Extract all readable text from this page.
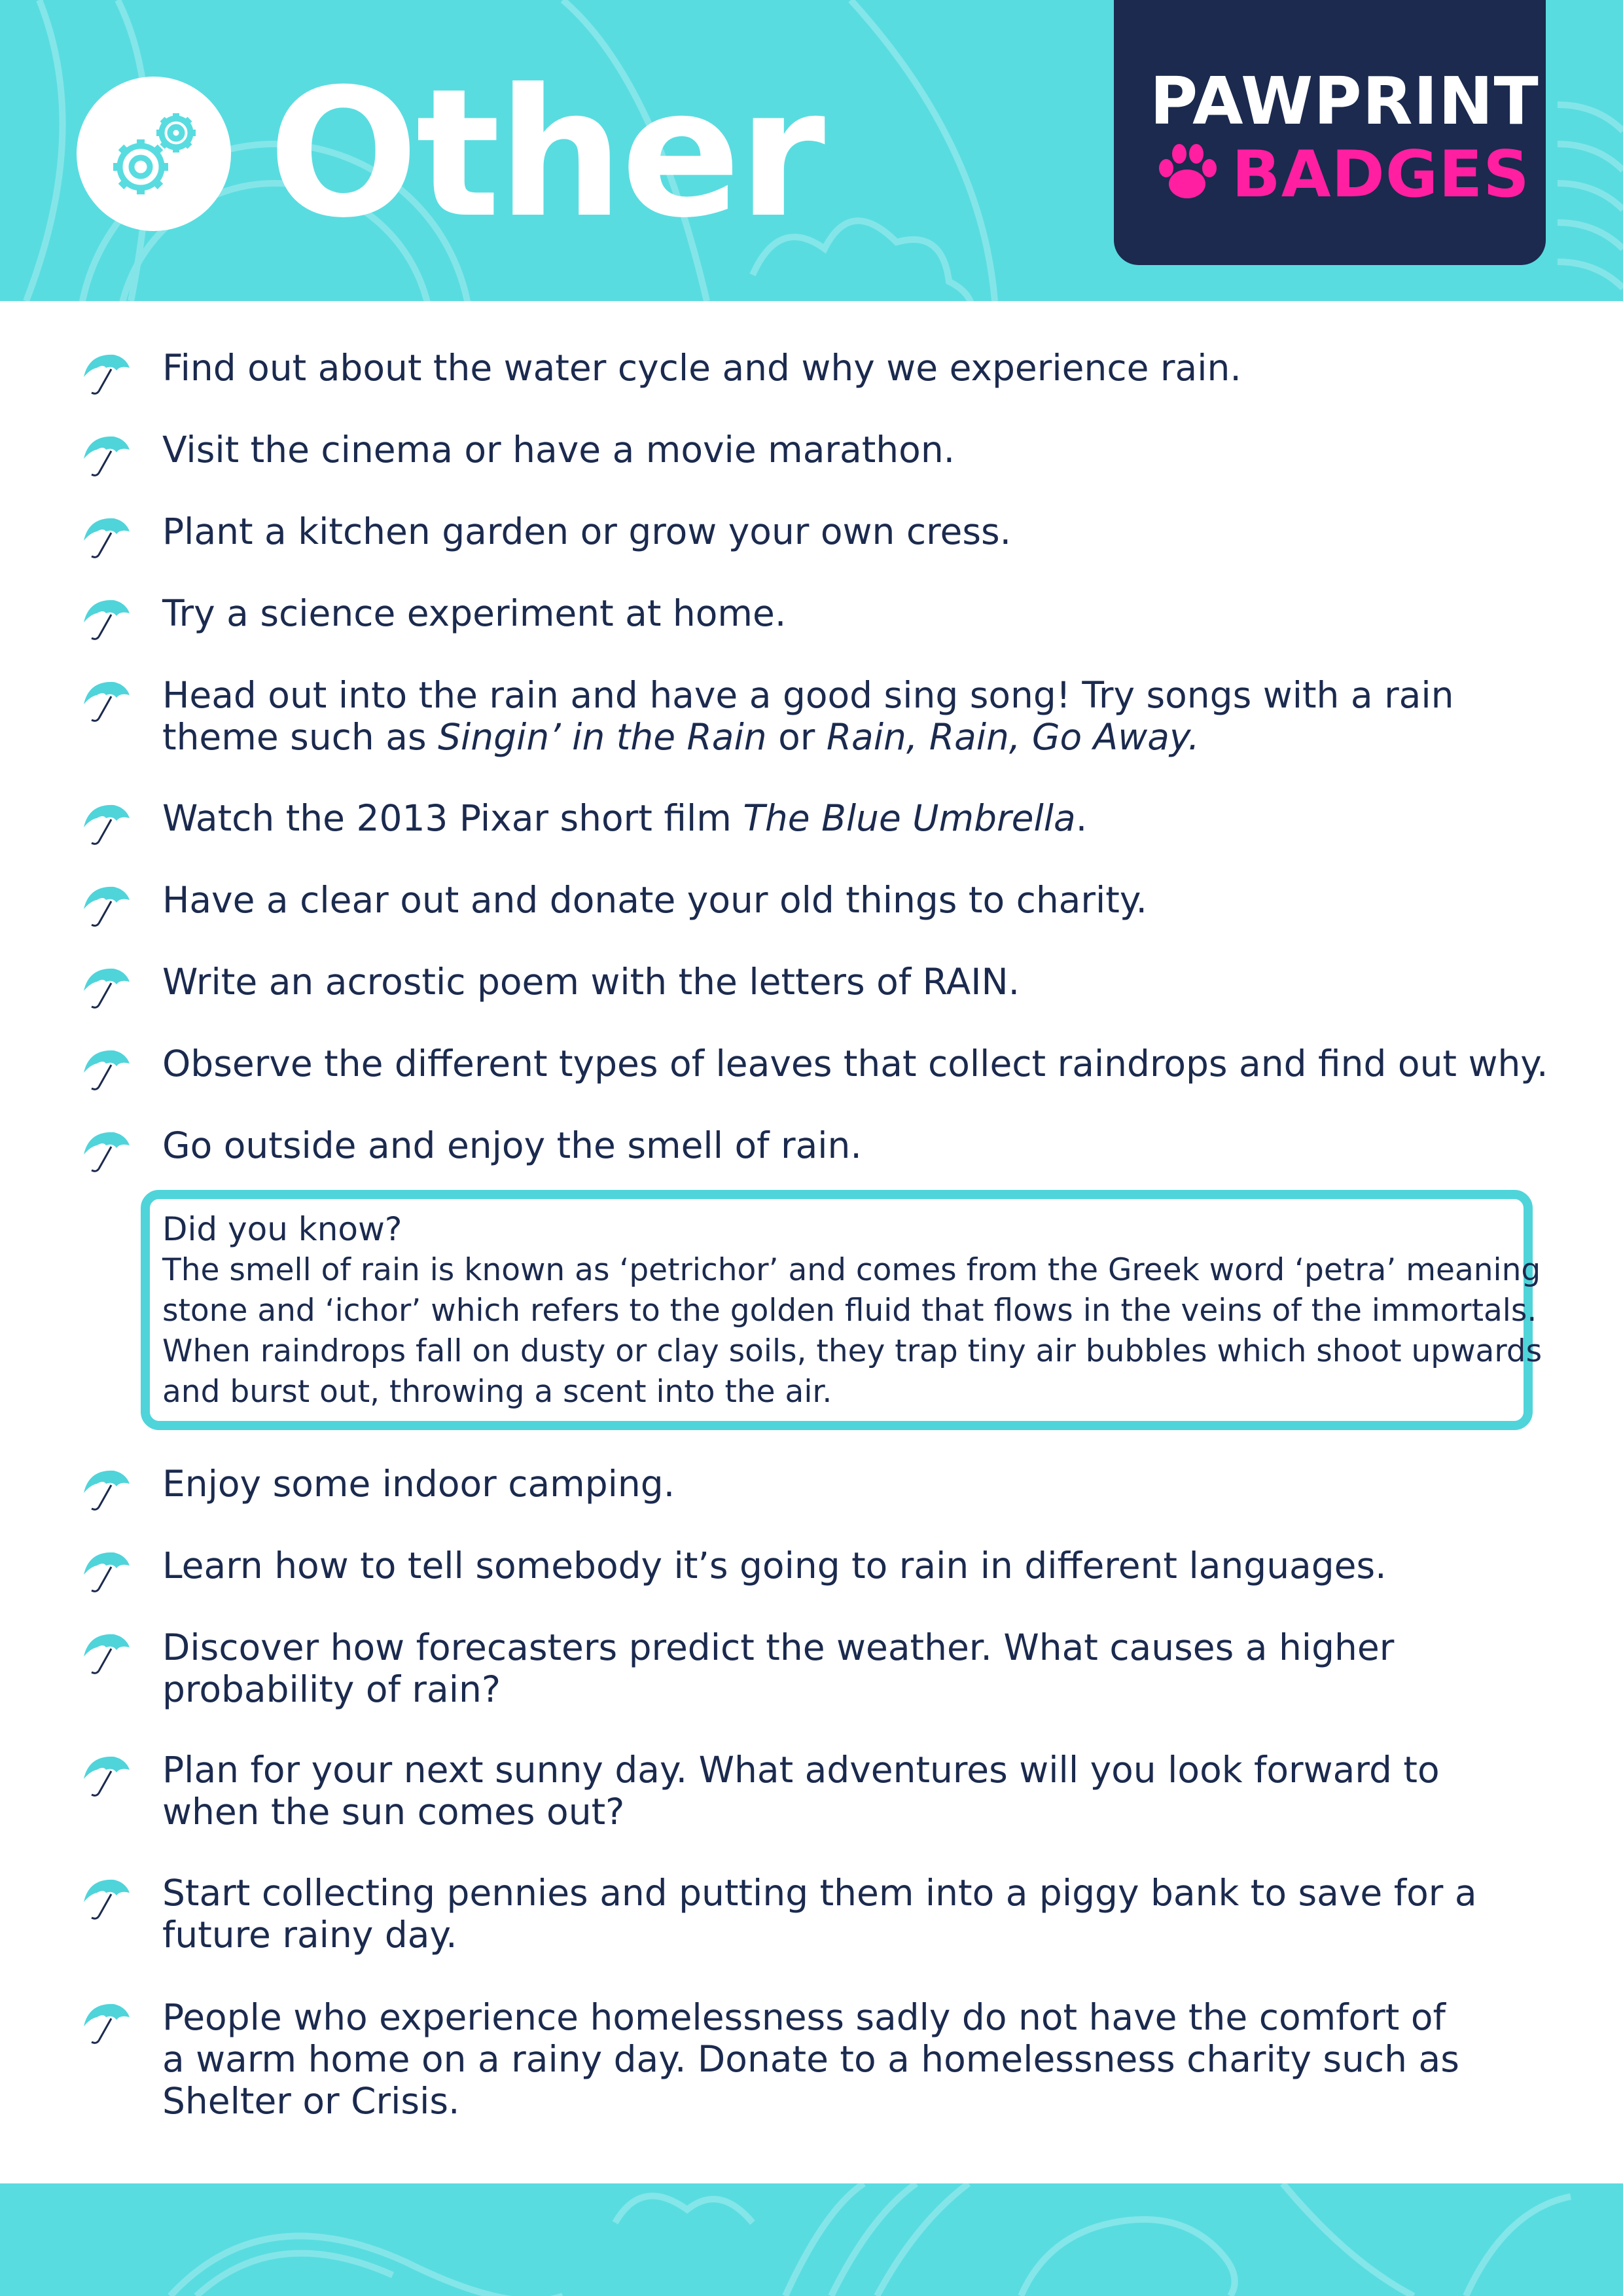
Other	PAWPRINT
BADGES
Find out about the water cycle and why we experience rain.
Visit the cinema or have a movie marathon.
Plant a kitchen garden or grow your own cress.
Try a science experiment at home.
Head out into the rain and have a good sing song! Try songs with a rain
theme such as Singin’ in the Rain or Rain, Rain, Go Away.
Watch the 2013 Pixar short film The Blue Umbrella.
Have a clear out and donate your old things to charity.
Write an acrostic poem with the letters of RAIN.
Observe the different types of leaves that collect raindrops and find out why.
Go outside and enjoy the smell of rain.
Did you know?
The smell of rain is known as ‘petrichor’ and comes from the Greek word ‘petra’ meaning
stone and ‘ichor’ which refers to the golden fluid that flows in the veins of the immortals.
When raindrops fall on dusty or clay soils, they trap tiny air bubbles which shoot upwards
and burst out, throwing a scent into the air.
Enjoy some indoor camping.
Learn how to tell somebody it’s going to rain in different languages.
Discover how forecasters predict the weather. What causes a higher
probability of rain?
Plan for your next sunny day. What adventures will you look forward to
when the sun comes out?
Start collecting pennies and putting them into a piggy bank to save for a
future rainy day.
People who experience homelessness sadly do not have the comfort of
a warm home on a rainy day. Donate to a homelessness charity such as
Shelter or Crisis.
